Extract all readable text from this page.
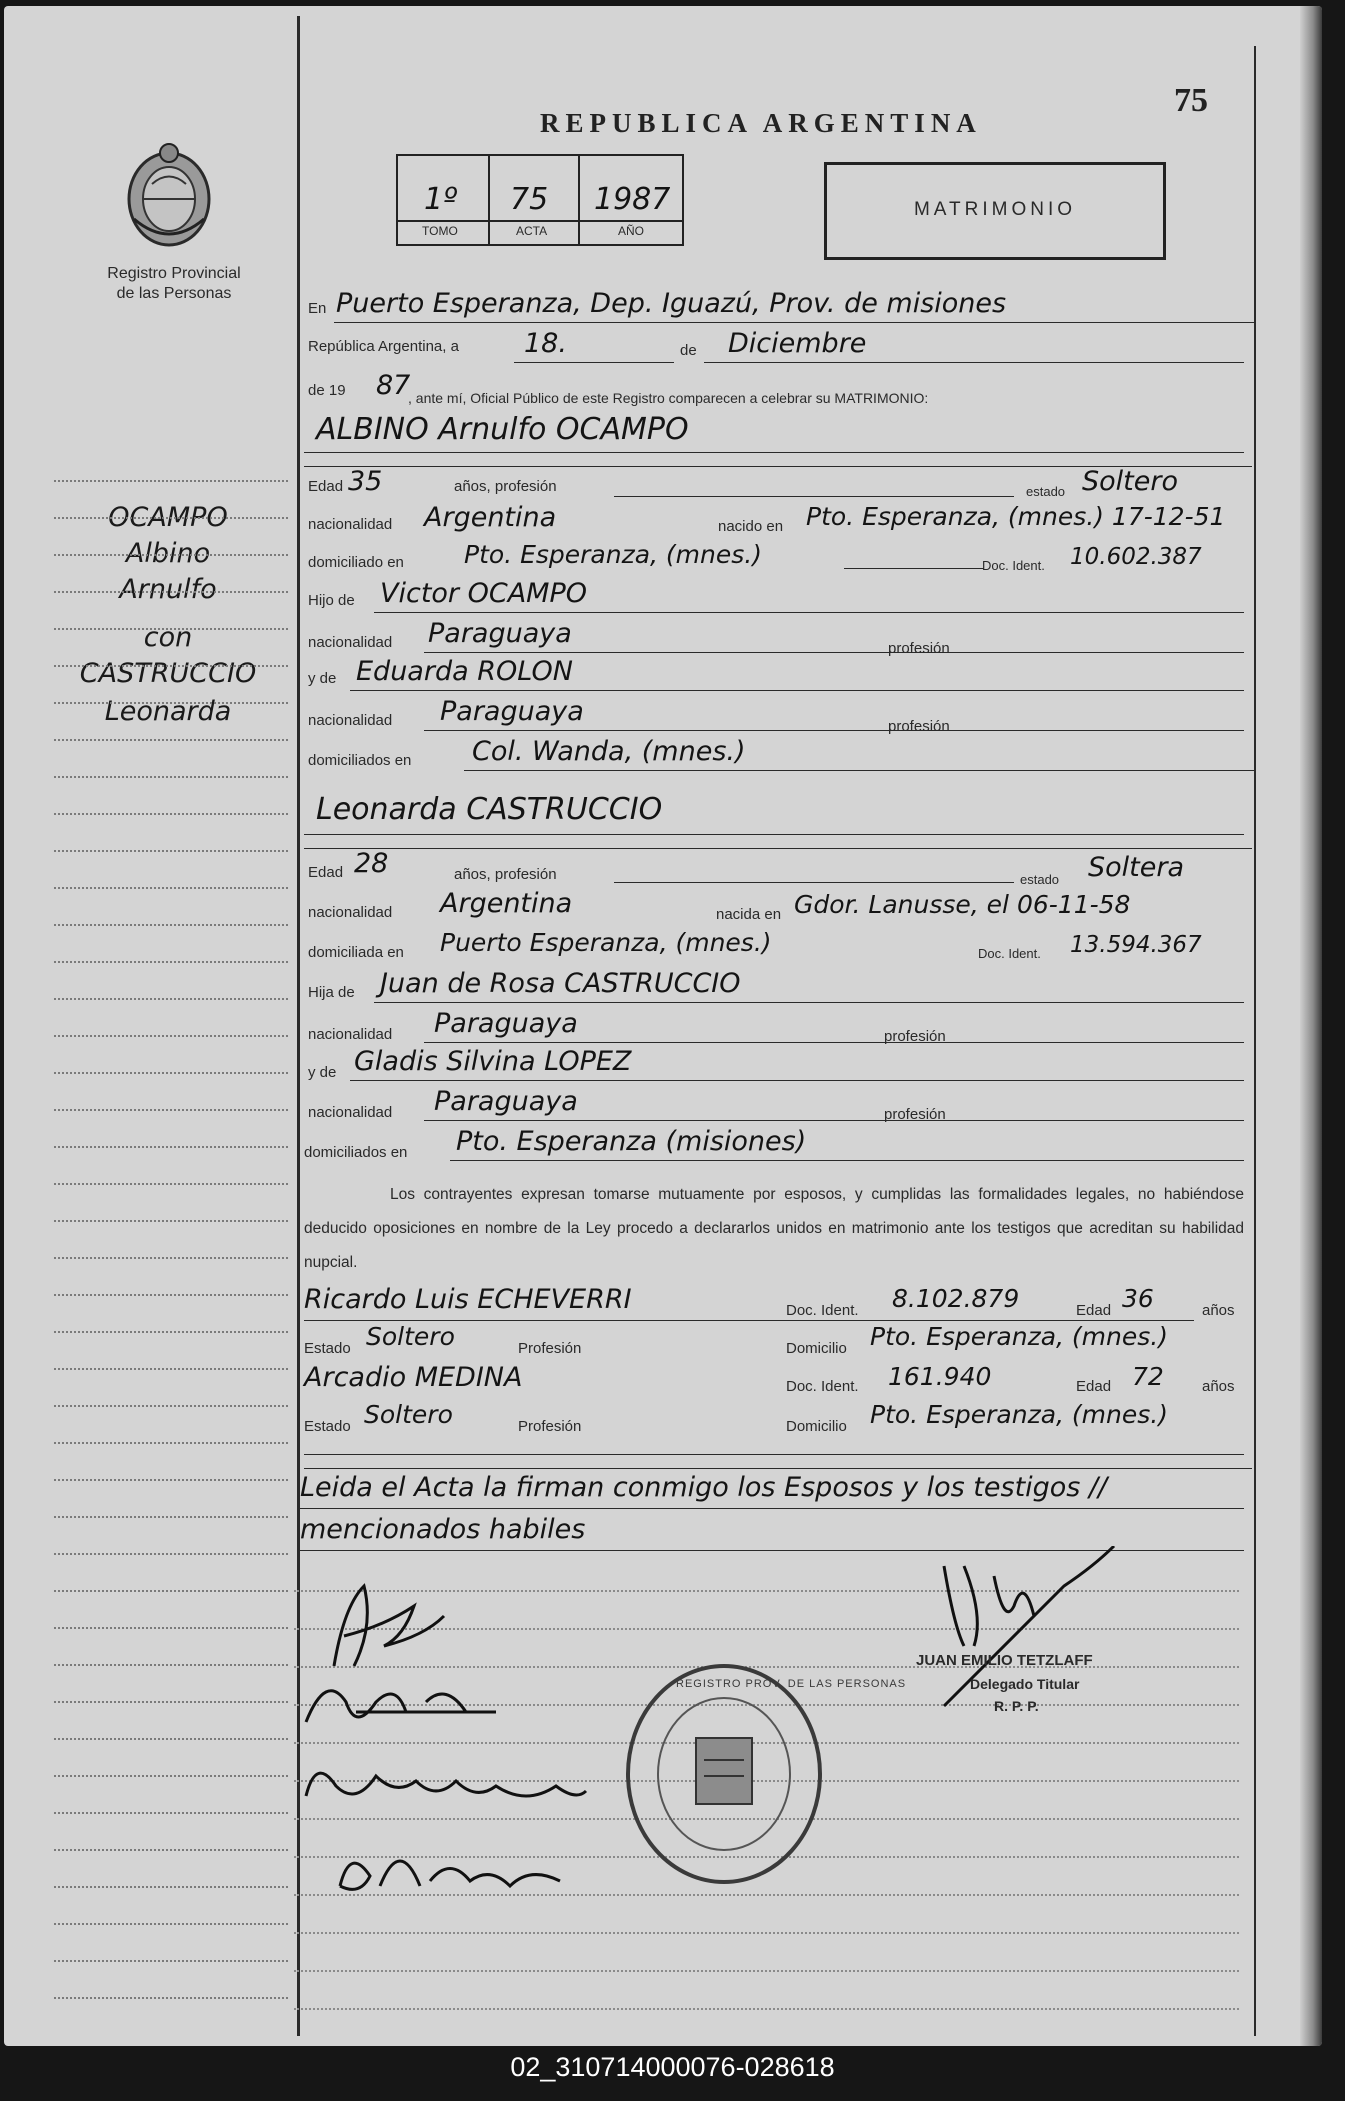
75
REPUBLICA ARGENTINA
Registro Provincial
de las Personas
1º 75 1987
TOMO	ACTA	AÑO
MATRIMONIO
OCAMPO
Albino
Arnulfo
con
CASTRUCCIO
Leonarda
En Puerto Esperanza, Dep. Iguazú, Prov. de misiones
República Argentina, a 18.	de Diciembre
de 19 87
, ante mí, Oficial Público de este Registro comparecen a celebrar su MATRIMONIO:
ALBINO Arnulfo OCAMPO
Edad 35	años, profesión	estado Soltero
nacionalidad Argentina	nacido en Pto. Esperanza, (mnes.) 17-12-51
domiciliado en Pto. Esperanza, (mnes.)	Doc. Ident. 10.602.387
Hijo de Victor OCAMPO
nacionalidad Paraguaya	profesión
y de Eduarda ROLON
nacionalidad Paraguaya	profesión
domiciliados en Col. Wanda, (mnes.)
Leonarda CASTRUCCIO
Edad 28	años, profesión	estado Soltera
nacionalidad Argentina	nacida en Gdor. Lanusse, el 06-11-58
domiciliada en Puerto Esperanza, (mnes.)	Doc. Ident. 13.594.367
Hija de Juan de Rosa CASTRUCCIO
nacionalidad Paraguaya	profesión
y de Gladis Silvina LOPEZ
nacionalidad Paraguaya	profesión
domiciliados en Pto. Esperanza (misiones)
Los contrayentes expresan tomarse mutuamente por esposos, y cumplidas las formalidades legales, no habiéndose deducido oposiciones en nombre de la Ley procedo a declararlos unidos en matrimonio ante los testigos que acreditan su habilidad nupcial.
Ricardo Luis ECHEVERRI	Doc. Ident. 8.102.879	Edad 36	años
Estado Soltero	Profesión	Domicilio Pto. Esperanza, (mnes.)
Arcadio MEDINA	Doc. Ident. 161.940	Edad 72	años
Estado Soltero	Profesión	Domicilio Pto. Esperanza, (mnes.)
Leida el Acta la firman conmigo los Esposos y los testigos //
mencionados habiles
REGISTRO PROV. DE LAS PERSONAS
JUAN EMILIO TETZLAFF
Delegado Titular
R. P. P.
02_310714000076-028618
